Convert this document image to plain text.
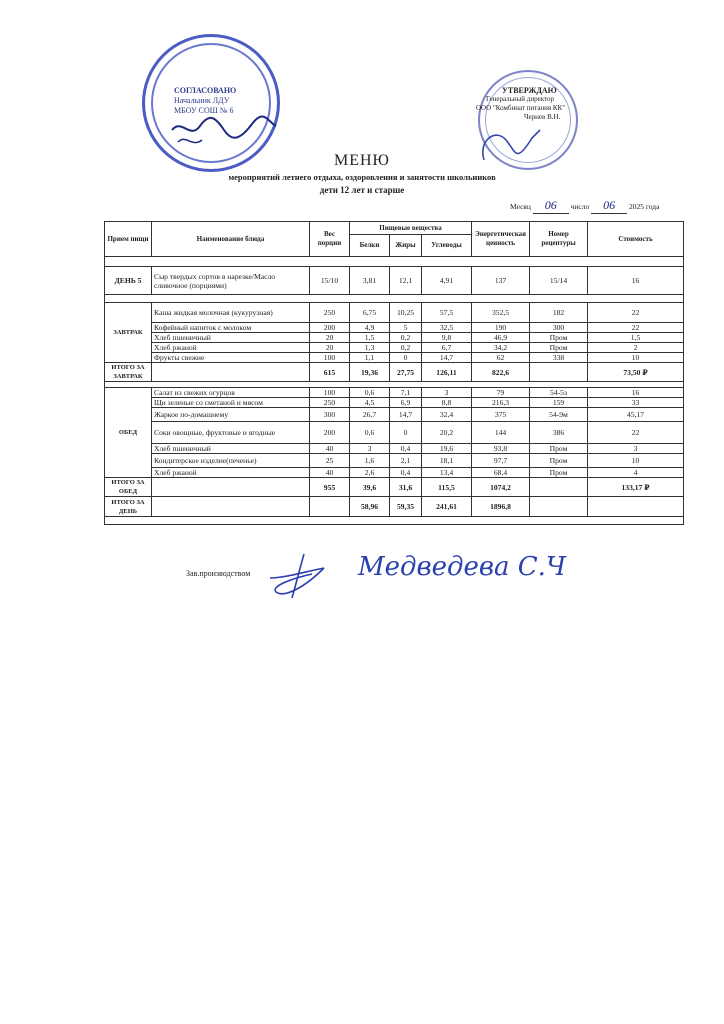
СОГЛАСОВАНО
Начальник ЛДУ
МБОУ СОШ № 6
УТВЕРЖДАЮ
Генеральный директор
ООО "Комбинат питания КК"
Чернев В.Н.
МЕНЮ
мероприятий летнего отдыха, оздоровления и занятости школьников
дети 12 лет и старше
Месяц 06 число 06 2025 года
Прием пищи	Наименование блюда	Вес порции	Пищевые вещества			Энергетическая ценность	Номер рецептуры	Стоимость
			Белки	Жиры	Углеводы			

ДЕНЬ 5	Сыр твердых сортов в нарезке/Масло сливочное (порциями)	15/10	3,81	12,1	4,91	137	15/14	16

ЗАВТРАК	Каша жидкая молочная (кукурузная)	250	6,75	10,25	57,5	352,5	182	22
	Кофейный напиток с молоком	200	4,9	5	32,5	190	300	22
	Хлеб пшеничный	20	1,5	0,2	9,8	46,9	Пром	1,5
	Хлеб ржаной	20	1,3	0,2	6,7	34,2	Пром	2
	Фрукты свежие	100	1,1	0	14,7	62	338	10
ИТОГО ЗА ЗАВТРАК		615	19,36	27,75	126,11	822,6		73,50 ₽

ОБЕД	Салат из свежих огурцов	100	0,6	7,1	3	79	54-5з	16
	Щи зеленые со сметаной и мясом	250	4,5	6,9	8,8	216,3	159	33
	Жаркое по-домашнему	300	26,7	14,7	32,4	375	54-9м	45,17
	Соки овощные, фруктовые и ягодные	200	0,6	0	20,2	144	386	22
	Хлеб пшеничный	40	3	0,4	19,6	93,8	Пром	3
	Кондитерское изделие(печенье)	25	1,6	2,1	18,1	97,7	Пром	10
	Хлеб ржаной	40	2,6	0,4	13,4	68,4	Пром	4
ИТОГО ЗА ОБЕД		955	39,6	31,6	115,5	1074,2		133,17 ₽
ИТОГО ЗА ДЕНЬ			58,96	59,35	241,61	1896,8		

Зав.производством	Медведева С.Ч
